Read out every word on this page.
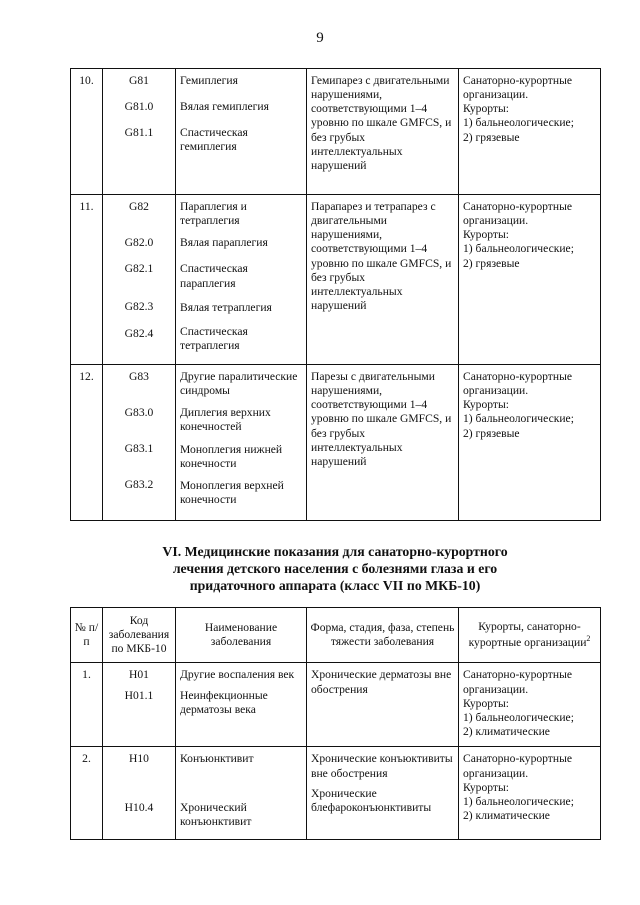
9
10.	G81
G81.0
G81.1	Гемиплегия
Вялая гемиплегия
Спастическая гемиплегия	Гемипарез с двигательными нарушениями, соответствующими 1–4 уровню по шкале GMFCS, и без грубых интеллектуальных нарушений	Санаторно-курортные организации.
Курорты:
1) бальнеологические;
2) грязевые

11.	G82
G82.0
G82.1
G82.3
G82.4	Параплегия и тетраплегия
Вялая параплегия
Спастическая параплегия
Вялая тетраплегия
Спастическая тетраплегия	Парапарез и тетрапарез с двигательными нарушениями, соответствующими 1–4 уровню по шкале GMFCS, и без грубых интеллектуальных нарушений	Санаторно-курортные организации.
Курорты:
1) бальнеологические;
2) грязевые

12.	G83
G83.0
G83.1
G83.2	Другие паралитические синдромы
Диплегия верхних конечностей
Моноплегия нижней конечности
Моноплегия верхней конечности	Парезы с двигательными нарушениями, соответствующими 1–4 уровню по шкале GMFCS, и без грубых интеллектуальных нарушений	Санаторно-курортные организации.
Курорты:
1) бальнеологические;
2) грязевые
VI. Медицинские показания для санаторно-курортного
лечения детского населения с болезнями глаза и его
придаточного аппарата (класс VII по МКБ-10)
№ п/п	Код заболевания по МКБ-10	Наименование заболевания	Форма, стадия, фаза, степень тяжести заболевания	Курорты, санаторно-курортные организации$^2$
1.	H01
H01.1	Другие воспаления век
Неинфекционные дерматозы века	Хронические дерматозы вне обострения	Санаторно-курортные организации.
Курорты:
1) бальнеологические;
2) климатические

2.	H10
H10.4	Конъюнктивит
Хронический конъюнктивит	Хронические конъюктивиты вне обострения
Хронические блефароконъюнктивиты	Санаторно-курортные организации.
Курорты:
1) бальнеологические;
2) климатические
